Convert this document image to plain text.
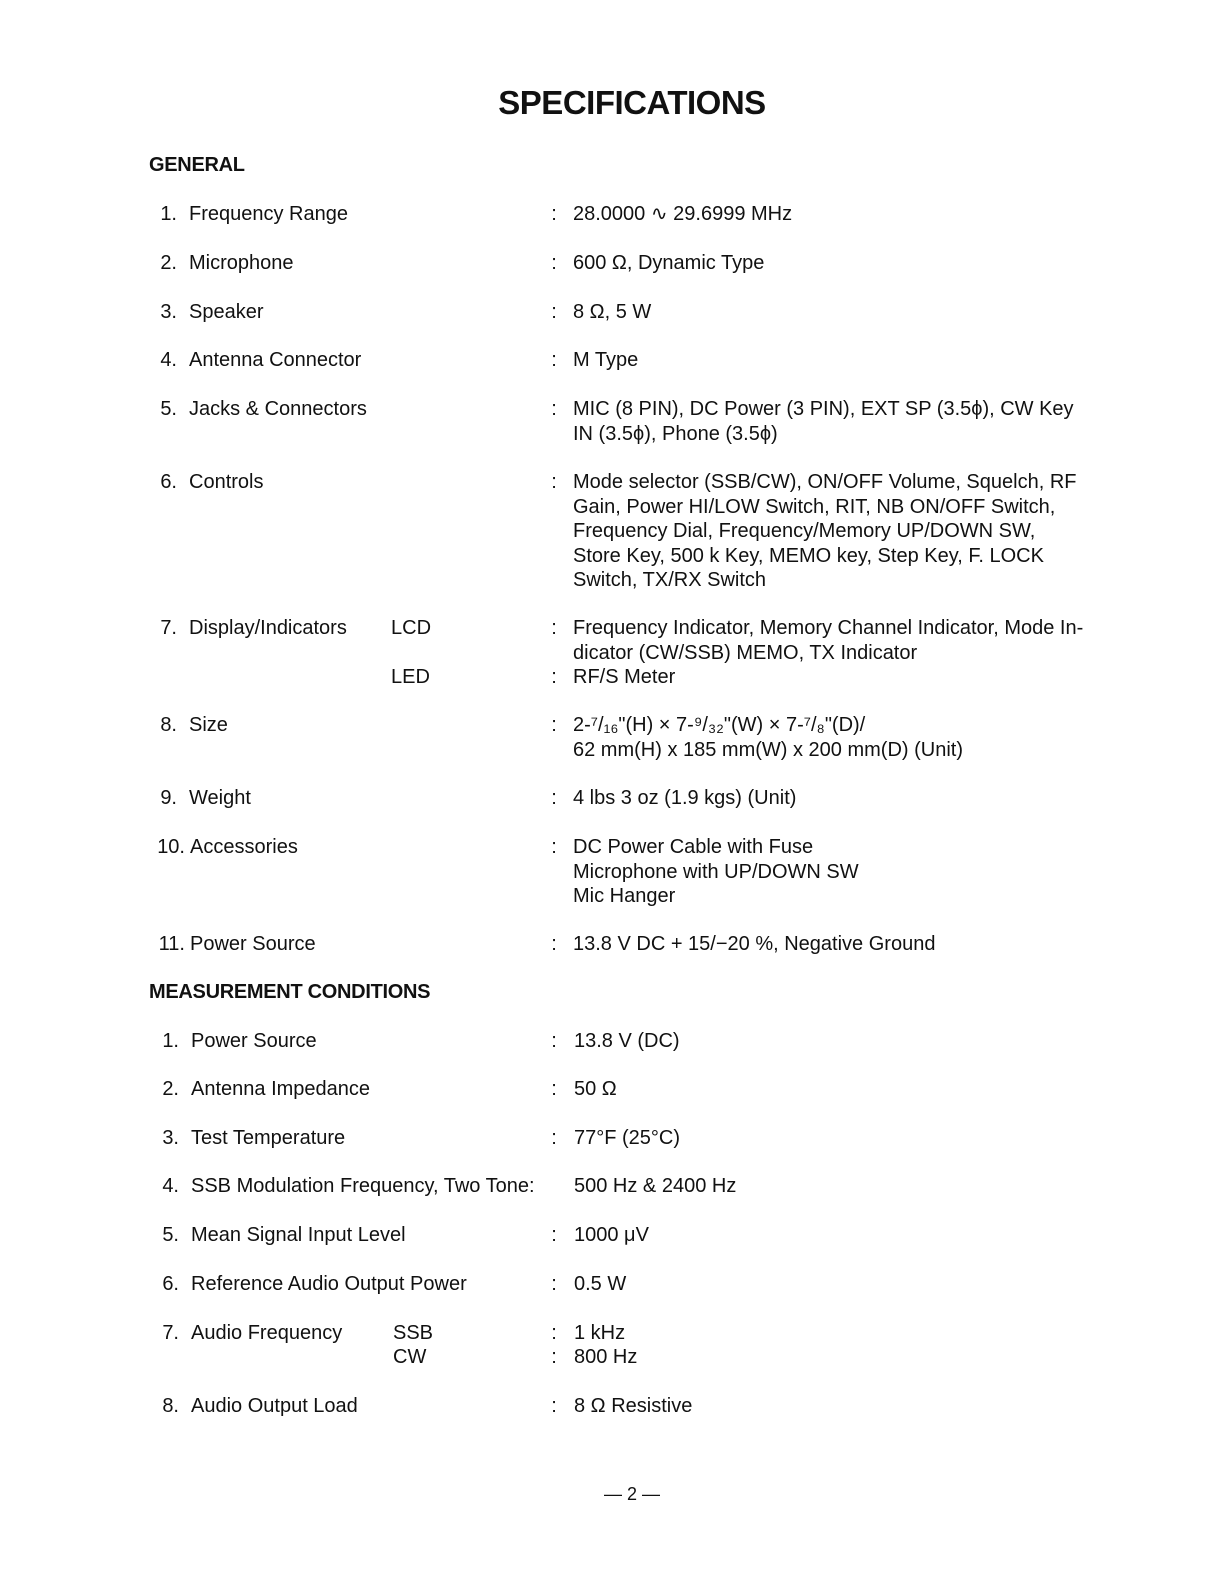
SPECIFICATIONS
GENERAL
1. Frequency Range	: 28.0000 ∿ 29.6999 MHz
2. Microphone	: 600 Ω, Dynamic Type
3. Speaker	: 8 Ω, 5 W
4. Antenna Connector	: M Type
5. Jacks & Connectors	: MIC (8 PIN), DC Power (3 PIN), EXT SP (3.5ϕ), CW Key
IN (3.5ϕ), Phone (3.5ϕ)
6. Controls	: Mode selector (SSB/CW), ON/OFF Volume, Squelch, RF
Gain, Power HI/LOW Switch, RIT, NB ON/OFF Switch,
Frequency Dial, Frequency/Memory UP/DOWN SW,
Store Key, 500 k Key, MEMO key, Step Key, F. LOCK
Switch, TX/RX Switch
7. Display/Indicators LCD	: Frequency Indicator, Memory Channel Indicator, Mode In-
dicator (CW/SSB) MEMO, TX Indicator
LED	: RF/S Meter
8. Size	: 2-⁷/₁₆"(H) × 7-⁹/₃₂"(W) × 7-⁷/₈"(D)/
62 mm(H) x 185 mm(W) x 200 mm(D) (Unit)
9. Weight	: 4 lbs 3 oz (1.9 kgs) (Unit)
10. Accessories	: DC Power Cable with Fuse
Microphone with UP/DOWN SW
Mic Hanger
11. Power Source	: 13.8 V DC + 15/−20 %, Negative Ground
MEASUREMENT CONDITIONS
1. Power Source	: 13.8 V (DC)
2. Antenna Impedance	: 50 Ω
3. Test Temperature	: 77°F (25°C)
4. SSB Modulation Frequency, Two Tone: 500 Hz & 2400 Hz
5. Mean Signal Input Level	: 1000 μV
6. Reference Audio Output Power	: 0.5 W
7. Audio Frequency	SSB	: 1 kHz
CW	: 800 Hz
8. Audio Output Load	: 8 Ω Resistive
— 2 —
